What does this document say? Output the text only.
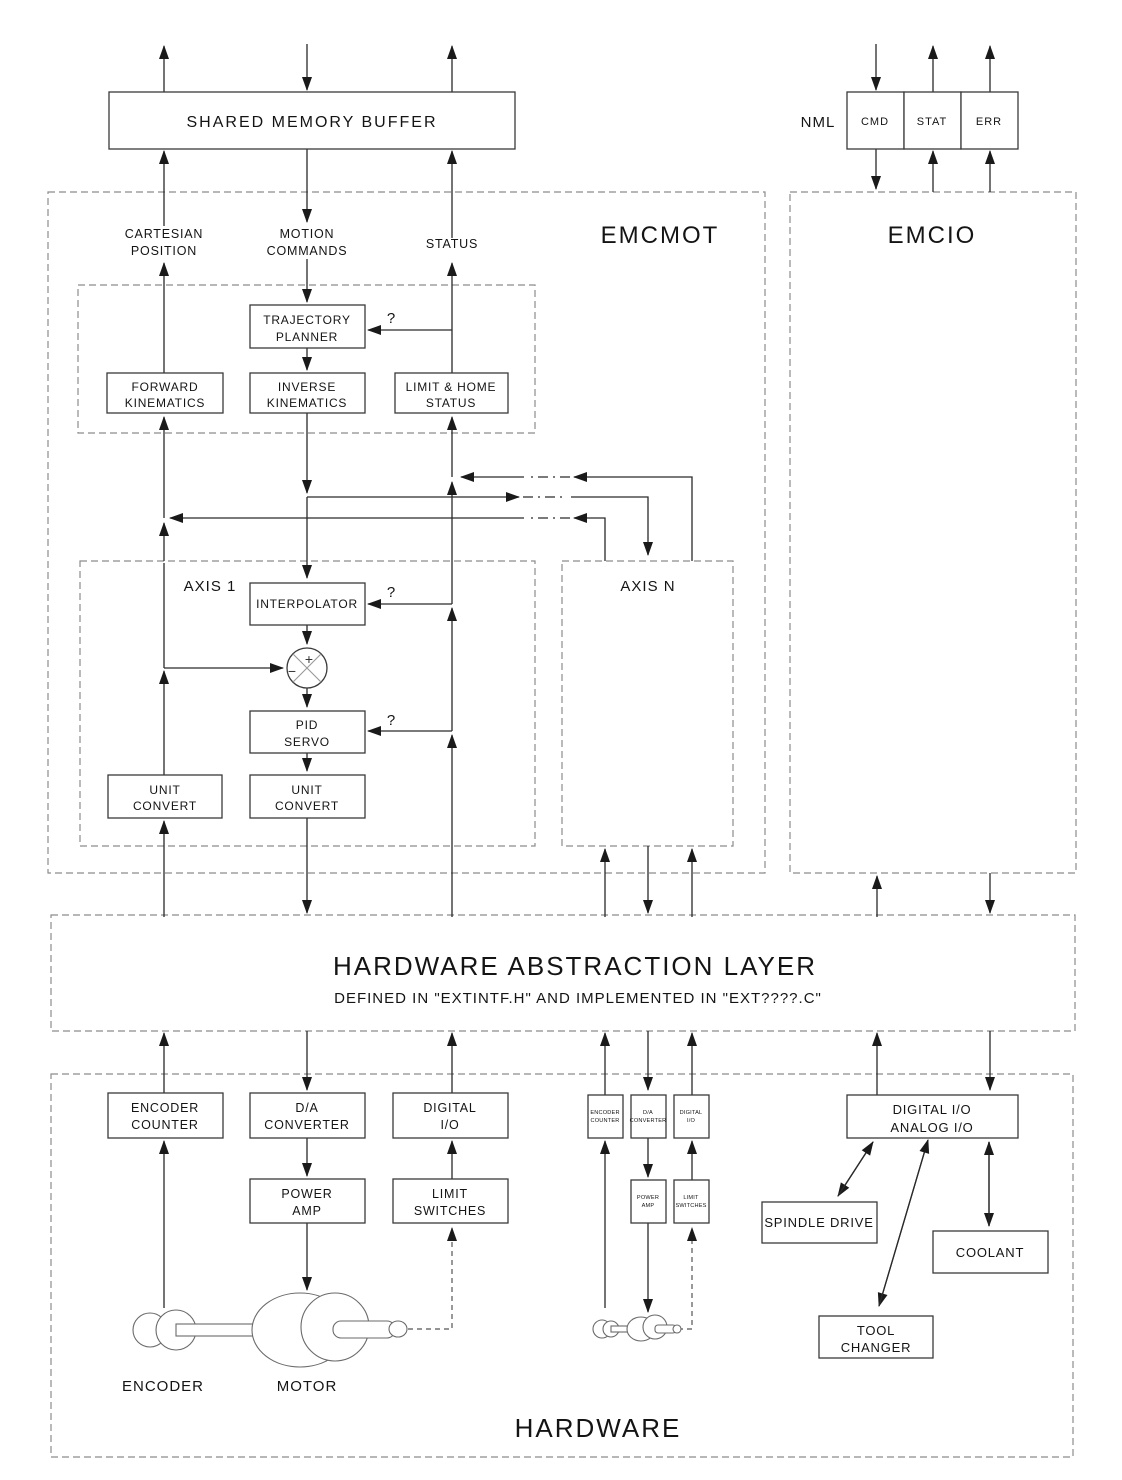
+
−
SHARED MEMORY BUFFER	NML CMD	STAT	ERR
EMCMOT	EMCIO
CARTESIAN
POSITION
MOTION
COMMANDS	STATUS
TRAJECTORY
PLANNER
?
FORWARD
KINEMATICS
INVERSE
KINEMATICS
LIMIT & HOME
STATUS
AXIS 1	AXIS N
INTERPOLATOR
?
PID
SERVO
?
UNIT
CONVERT
UNIT
CONVERT
HARDWARE ABSTRACTION LAYER
DEFINED IN "EXTINTF.H" AND IMPLEMENTED IN "EXT????.C"
ENCODER
COUNTER
D/A
CONVERTER
DIGITAL
I/O
POWER
AMP
LIMIT
SWITCHES
ENCODER
COUNTER
D/A
CONVERTER
DIGITAL
I/O
POWER
AMP
LIMIT
SWITCHES
DIGITAL I/O
ANALOG I/O
SPINDLE DRIVE
COOLANT
TOOL
CHANGER
ENCODER	MOTOR
HARDWARE
